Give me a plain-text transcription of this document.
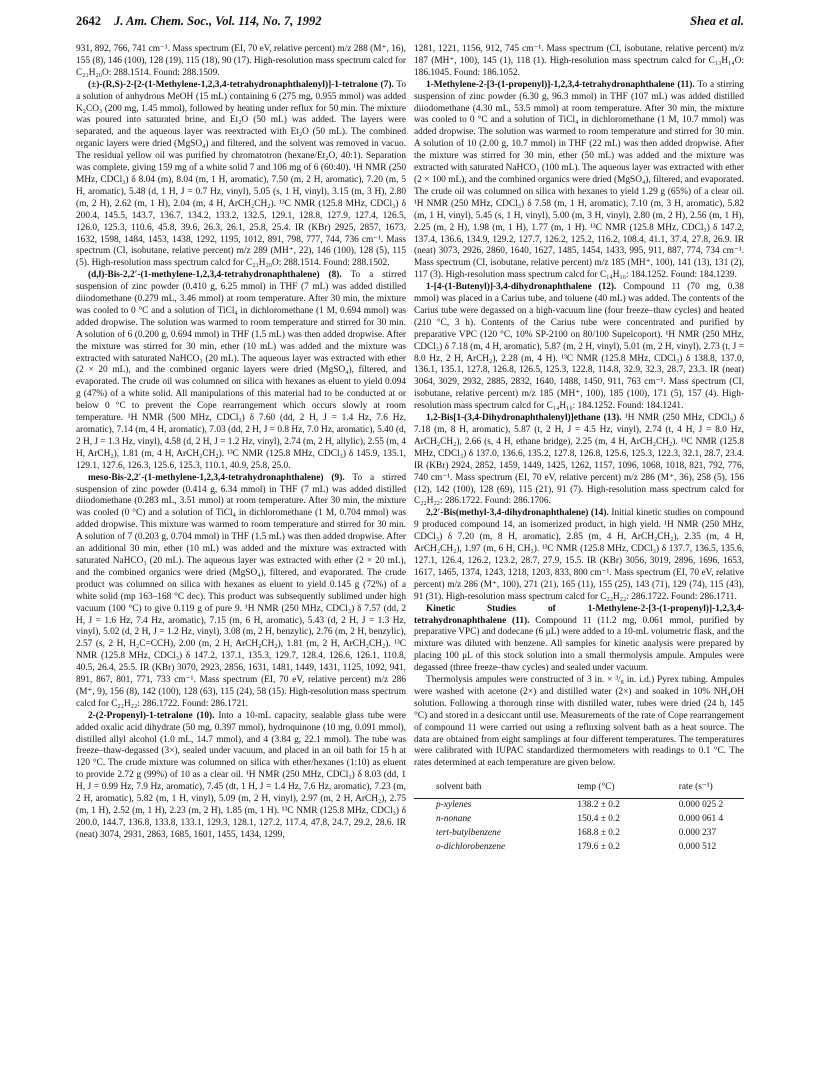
2642 J. Am. Chem. Soc., Vol. 114, No. 7, 1992	Shea et al.

931, 892, 766, 741 cm⁻¹. Mass spectrum (EI, 70 eV, relative percent) m/z 288 (M⁺, 16), 155 (8), 146 (100), 128 (19), 115 (18), 90 (17). High-resolution mass spectrum calcd for C₂₁H₂₀O: 288.1514. Found: 288.1509.

(±)-(R,S)-2-[2-(1-Methylene-1,2,3,4-tetrahydronaphthalenyl)]-1-tetralone (7). To a solution of anhydrous MeOH (15 mL) containing 6 (275 mg, 0.955 mmol) was added K₂CO₃ (200 mg, 1.45 mmol), followed by heating under reflux for 50 min. The mixture was poured into saturated brine, and Et₂O (50 mL) was added. The layers were separated, and the aqueous layer was reextracted with Et₂O (50 mL). The combined organic layers were dried (MgSO₄) and filtered, and the solvent was removed in vacuo. The residual yellow oil was purified by chromatotron (hexane/Et₂O, 40:1). Separation was complete, giving 159 mg of a white solid 7 and 106 mg of 6 (60:40). ¹H NMR (250 MHz, CDCl₃) δ 8.04 (m), 8.04 (m, 1 H, aromatic), 7.50 (m, 2 H, aromatic), 7.20 (m, 5 H, aromatic), 5.48 (d, 1 H, J = 0.7 Hz, vinyl), 5.05 (s, 1 H, vinyl), 3.15 (m, 3 H), 2.80 (m, 2 H), 2.62 (m, 1 H), 2.04 (m, 4 H, ArCH₂CH₂). ¹³C NMR (125.8 MHz, CDCl₃) δ 200.4, 145.5, 143.7, 136.7, 134.2, 133.2, 132.5, 129.1, 128.8, 127.9, 127.4, 126.5, 126.0, 125.3, 110.6, 45.8, 39.6, 26.3, 26.1, 25.8, 25.4. IR (KBr) 2925, 2857, 1673, 1632, 1598, 1484, 1453, 1438, 1292, 1195, 1012, 891, 798, 777, 744, 736 cm⁻¹. Mass spectrum (CI, isobutane, relative percent) m/z 289 (MH⁺, 22), 146 (100), 128 (5), 115 (5). High-resolution mass spectrum calcd for C₂₁H₂₀O: 288.1514. Found: 288.1502.

(d,l)-Bis-2,2′-(1-methylene-1,2,3,4-tetrahydronaphthalene) (8). To a stirred suspension of zinc powder (0.410 g, 6.25 mmol) in THF (7 mL) was added distilled diiodomethane (0.279 mL, 3.46 mmol) at room temperature. After 30 min, the mixture was cooled to 0 °C and a solution of TiCl₄ in dichloromethane (1 M, 0.694 mmol) was added dropwise. The solution was warmed to room temperature and stirred for 30 min. A solution of 6 (0.200 g, 0.694 mmol) in THF (1.5 mL) was then added dropwise. After the mixture was stirred for 30 min, ether (10 mL) was added and the mixture was extracted with saturated NaHCO₃ (20 mL). The aqueous layer was extracted with ether (2 × 20 mL), and the combined organic layers were dried (MgSO₄), filtered, and evaporated. The crude oil was columned on silica with hexanes as eluent to yield 0.094 g (47%) of a white solid. All manipulations of this material had to be conducted at or below 0 °C to prevent the Cope rearrangement which occurs slowly at room temperature. ¹H NMR (500 MHz, CDCl₃) δ 7.60 (dd, 2 H, J = 1.4 Hz, 7.6 Hz, aromatic), 7.14 (m, 4 H, aromatic), 7.03 (dd, 2 H, J = 0.8 Hz, 7.0 Hz, aromatic), 5.40 (d, 2 H, J = 1.3 Hz, vinyl), 4.58 (d, 2 H, J = 1.2 Hz, vinyl), 2.74 (m, 2 H, allylic), 2.55 (m, 4 H, ArCH₂), 1.81 (m, 4 H, ArCH₂CH₂). ¹³C NMR (125.8 MHz, CDCl₃) δ 145.9, 135.1, 129.1, 127.6, 126.3, 125.6, 125.3, 110.1, 40.9, 25.8, 25.0.

meso-Bis-2,2′-(1-methylene-1,2,3,4-tetrahydronaphthalene) (9). To a stirred suspension of zinc powder (0.414 g, 6.34 mmol) in THF (7 mL) was added distilled diiodomethane (0.283 mL, 3.51 mmol) at room temperature. After 30 min, the mixture was cooled (0 °C) and a solution of TiCl₄ in dichloromethane (1 M, 0.704 mmol) was added dropwise. This mixture was warmed to room temperature and stirred for 30 min. A solution of 7 (0.203 g, 0.704 mmol) in THF (1.5 mL) was then added dropwise. After an additional 30 min, ether (10 mL) was added and the mixture was extracted with saturated NaHCO₃ (20 mL). The aqueous layer was extracted with ether (2 × 20 mL), and the combined organics were dried (MgSO₄), filtered, and evaporated. The crude product was columned on silica with hexanes as eluent to yield 0.145 g (72%) of a white solid (mp 163–168 °C dec). This product was subsequently sublimed under high vacuum (100 °C) to give 0.119 g of pure 9. ¹H NMR (250 MHz, CDCl₃) δ 7.57 (dd, 2 H, J = 1.6 Hz, 7.4 Hz, aromatic), 7.15 (m, 6 H, aromatic), 5.43 (d, 2 H, J = 1.3 Hz, vinyl), 5.02 (d, 2 H, J = 1.2 Hz, vinyl), 3.08 (m, 2 H, benzylic), 2.76 (m, 2 H, benzylic), 2.57 (s, 2 H, H₂C=CCH), 2.00 (m, 2 H, ArCH₂CH₂), 1.81 (m, 2 H, ArCH₂CH₂). ¹³C NMR (125.8 MHz, CDCl₃) δ 147.2, 137.1, 135.3, 129.7, 128.4, 126.6, 126.1, 110.8, 40.5, 26.4, 25.5. IR (KBr) 3070, 2923, 2856, 1631, 1481, 1449, 1431, 1125, 1092, 941, 891, 867, 801, 771, 733 cm⁻¹. Mass spectrum (EI, 70 eV, relative percent) m/z 286 (M⁺, 9), 156 (8), 142 (100), 128 (63), 115 (24), 58 (15). High-resolution mass spectrum calcd for C₂₂H₂₂: 286.1722. Found: 286.1721.

2-(2-Propenyl)-1-tetralone (10). Into a 10-mL capacity, sealable glass tube were added oxalic acid dihydrate (50 mg, 0.397 mmol), hydroquinone (10 mg, 0.091 mmol), distilled allyl alcohol (1.0 mL, 14.7 mmol), and 4 (3.84 g, 22.1 mmol). The tube was freeze–thaw-degassed (3×), sealed under vacuum, and placed in an oil bath for 15 h at 120 °C. The crude mixture was columned on silica with ether/hexanes (1:10) as eluent to provide 2.72 g (99%) of 10 as a clear oil. ¹H NMR (250 MHz, CDCl₃) δ 8.03 (dd, 1 H, J = 0.99 Hz, 7.9 Hz, aromatic), 7.45 (dt, 1 H, J = 1.4 Hz, 7.6 Hz, aromatic), 7.23 (m, 2 H, aromatic), 5.82 (m, 1 H, vinyl), 5.09 (m, 2 H, vinyl), 2.97 (m, 2 H, ArCH₂), 2.75 (m, 1 H), 2.52 (m, 1 H), 2.23 (m, 2 H), 1.85 (m, 1 H). ¹³C NMR (125.8 MHz, CDCl₃) δ 200.0, 144.7, 136.8, 133.8, 133.1, 129.3, 128.1, 127.2, 117.4, 47.8, 24.7, 29.2, 28.6. IR (neat) 3074, 2931, 2863, 1685, 1601, 1455, 1434, 1299,

1281, 1221, 1156, 912, 745 cm⁻¹. Mass spectrum (CI, isobutane, relative percent) m/z 187 (MH⁺, 100), 145 (1), 118 (1). High-resolution mass spectrum calcd for C₁₃H₁₄O: 186.1045. Found: 186.1052.

1-Methylene-2-[3-(1-propenyl)]-1,2,3,4-tetrahydronaphthalene (11). To a stirring suspension of zinc powder (6.30 g, 96.3 mmol) in THF (107 mL) was added distilled diiodomethane (4.30 mL, 53.5 mmol) at room temperature. After 30 min, the mixture was cooled to 0 °C and a solution of TiCl₄ in dichloromethane (1 M, 10.7 mmol) was added dropwise. The solution was warmed to room temperature and stirred for 30 min. A solution of 10 (2.00 g, 10.7 mmol) in THF (22 mL) was then added dropwise. After the mixture was stirred for 30 min, ether (50 mL) was added and the mixture was extracted with saturated NaHCO₃ (100 mL). The aqueous layer was extracted with ether (2 × 100 mL), and the combined organics were dried (MgSO₄), filtered, and evaporated. The crude oil was columned on silica with hexanes to yield 1.29 g (65%) of a clear oil. ¹H NMR (250 MHz, CDCl₃) δ 7.58 (m, 1 H, aromatic), 7.10 (m, 3 H, aromatic), 5.82 (m, 1 H, vinyl), 5.45 (s, 1 H, vinyl), 5.00 (m, 3 H, vinyl), 2.80 (m, 2 H), 2.56 (m, 1 H), 2.25 (m, 2 H), 1.98 (m, 1 H), 1.77 (m, 1 H). ¹³C NMR (125.8 MHz, CDCl₃) δ 147.2, 137.4, 136.6, 134.9, 129.2, 127.7, 126.2, 125.2, 116.2, 108.4, 41.1, 37.4, 27.8, 26.9. IR (neat) 3073, 2926, 2860, 1640, 1627, 1485, 1454, 1433, 995, 911, 887, 774, 734 cm⁻¹. Mass spectrum (CI, isobutane, relative percent) m/z 185 (MH⁺, 100), 141 (13), 131 (2), 117 (3). High-resolution mass spectrum calcd for C₁₄H₁₆: 184.1252. Found: 184.1239.

1-[4-(1-Butenyl)]-3,4-dihydronaphthalene (12). Compound 11 (70 mg, 0.38 mmol) was placed in a Carius tube, and toluene (40 mL) was added. The contents of the Carius tube were degassed on a high-vacuum line (four freeze–thaw cycles) and heated (210 °C, 3 h). Contents of the Carius tube were concentrated and purified by preparative VPC (120 °C, 10% SP-2100 on 80/100 Supelcoport). ¹H NMR (250 MHz, CDCl₃) δ 7.18 (m, 4 H, aromatic), 5.87 (m, 2 H, vinyl), 5.01 (m, 2 H, vinyl), 2.73 (t, J = 8.0 Hz, 2 H, ArCH₂), 2.28 (m, 4 H). ¹³C NMR (125.8 MHz, CDCl₃) δ 138.8, 137.0, 136.1, 135.1, 127.8, 126.8, 126.5, 125.3, 122.8, 114.8, 32.9, 32.3, 28.7, 23.3. IR (neat) 3064, 3029, 2932, 2885, 2832, 1640, 1488, 1450, 911, 763 cm⁻¹. Mass spectrum (CI, isobutane, relative percent) m/z 185 (MH⁺, 100), 185 (100), 171 (5), 157 (4). High-resolution mass spectrum calcd for C₁₄H₁₆: 184.1252. Found: 184.1241.

1,2-Bis[1-(3,4-Dihydronaphthalenyl)]ethane (13). ¹H NMR (250 MHz, CDCl₃) δ 7.18 (m, 8 H, aromatic), 5.87 (t, 2 H, J = 4.5 Hz, vinyl), 2.74 (t, 4 H, J = 8.0 Hz, ArCH₂CH₂), 2.66 (s, 4 H, ethane bridge), 2.25 (m, 4 H, ArCH₂CH₂). ¹³C NMR (125.8 MHz, CDCl₃) δ 137.0, 136.6, 135.2, 127.8, 126.8, 125.6, 125.3, 122.3, 32.1, 28.7, 23.4. IR (KBr) 2924, 2852, 1459, 1449, 1425, 1262, 1157, 1096, 1068, 1018, 821, 792, 776, 740 cm⁻¹. Mass spectrum (EI, 70 eV, relative percent) m/z 286 (M⁺, 36), 258 (5), 156 (12), 142 (100), 128 (69), 115 (21), 91 (7). High-resolution mass spectrum calcd for C₂₂H₂₂: 286.1722. Found: 286.1706.

2,2′-Bis(methyl-3,4-dihydronaphthalene) (14). Initial kinetic studies on compound 9 produced compound 14, an isomerized product, in high yield. ¹H NMR (250 MHz, CDCl₃) δ 7.20 (m, 8 H, aromatic), 2.85 (m, 4 H, ArCH₂CH₂), 2.35 (m, 4 H, ArCH₂CH₂), 1.97 (m, 6 H, CH₃). ¹³C NMR (125.8 MHz, CDCl₃) δ 137.7, 136.5, 135.6, 127.1, 126.4, 126.2, 123.2, 28.7, 27.9, 15.5. IR (KBr) 3056, 3019, 2896, 1696, 1653, 1617, 1465, 1374, 1243, 1218, 1203, 833, 800 cm⁻¹. Mass spectrum (EI, 70 eV, relative percent) m/z 286 (M⁺, 100), 271 (21), 165 (11), 155 (25), 143 (71), 129 (74), 115 (43), 91 (31). High-resolution mass spectrum calcd for C₂₂H₂₂: 286.1722. Found: 286.1711.

Kinetic Studies of 1-Methylene-2-[3-(1-propenyl)]-1,2,3,4-tetrahydronaphthalene (11). Compound 11 (11.2 mg, 0.061 mmol, purified by preparative VPC) and dodecane (6 μL) were added to a 10-mL volumetric flask, and the mixture was diluted with benzene. All samples for kinetic analysis were prepared by placing 100 μL of this stock solution into a small thermolysis ampule. Ampules were degassed (three freeze–thaw cycles) and sealed under vacuum.

Thermolysis ampules were constructed of 3 in. × ³/₈ in. i.d.) Pyrex tubing. Ampules were washed with acetone (2×) and distilled water (2×) and soaked in 10% NH₄OH solution. Following a thorough rinse with distilled water, tubes were dried (24 h, 145 °C) and stored in a desiccant until use. Measurements of the rate of Cope rearrangement of compound 11 were carried out using a refluxing solvent bath as a heat source. The data are obtained from eight samplings at four different temperatures. The temperatures were calibrated with IUPAC standardized thermometers with readings to 0.1 °C. The rates determined at each temperature are given below.

solvent bath	temp (°C)	rate (s⁻¹)
p-xylenes	138.2 ± 0.2	0.000 025 2
n-nonane	150.4 ± 0.2	0.000 061 4
tert-butylbenzene	168.8 ± 0.2	0.000 237
o-dichlorobenzene	179.6 ± 0.2	0.000 512
